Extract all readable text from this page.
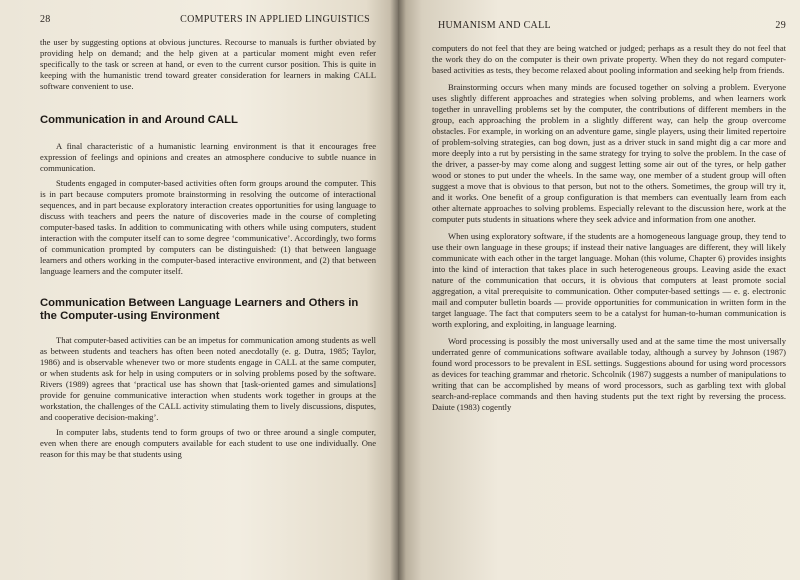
28	COMPUTERS IN APPLIED LINGUISTICS

the user by suggesting options at obvious junctures. Recourse to manuals is further obviated by providing help on demand; and the help given at a particular moment might even refer specifically to the task or screen at hand, or even to the current cursor position. This is quite in keeping with the humanistic trend toward greater consideration for learners in making CALL software convenient to use.

Communication in and Around CALL

A final characteristic of a humanistic learning environment is that it encourages free expression of feelings and opinions and creates an atmosphere conducive to subtle nuance in communication.

Students engaged in computer-based activities often form groups around the computer. This is in part because computers promote brainstorming in resolving the outcome of interactional sequences, and in part because exploratory interaction creates opportunities for using language to discuss with teachers and peers the nature of discoveries made in the course of completing computer-based tasks. In addition to communicating with others while using computers, student interaction with the computer itself can to some degree ‘communicative’. Accordingly, two forms of communication prompted by computers can be distinguished: (1) that between language learners and others working in the computer-based interactive environment, and (2) that between language learners and the computer itself.

Communication Between Language Learners and Others in the Computer-using Environment

That computer-based activities can be an impetus for communication among students as well as between students and teachers has often been noted anecdotally (e. g. Dutra, 1985; Taylor, 1986) and is observable whenever two or more students engage in CALL at the same computer, or when students ask for help in using computers or in solving problems posed by the software. Rivers (1989) agrees that ‘practical use has shown that [task-oriented games and simulations] provide for genuine communicative interaction when students work together in groups at the workstation, the challenges of the CALL activity stimulating them to lively discussions, disputes, and cooperative decision-making’.

In computer labs, students tend to form groups of two or three around a single computer, even when there are enough computers available for each student to use one individually. One reason for this may be that students using

HUMANISM AND CALL	29

computers do not feel that they are being watched or judged; perhaps as a result they do not feel that the work they do on the computer is their own private property. When they do not regard computer-based activities as tests, they become relaxed about pooling information and seeking help from friends.

Brainstorming occurs when many minds are focused together on solving a problem. Everyone uses slightly different approaches and strategies when solving problems, and when learners work together in unravelling problems set by the computer, the contributions of different members in the group, each approaching the problem in a slightly different way, can help the group overcome obstacles. For example, in working on an adventure game, single players, using their limited repertoire of problem-solving strategies, can bog down, just as a driver stuck in sand might dig a car more and more deeply into a rut by persisting in the same strategy for trying to solve the problem. In the case of the driver, a passer-by may come along and suggest letting some air out of the tyres, or help gather wood or stones to put under the wheels. In the same way, one member of a student group will often suggest a move that is obvious to that person, but not to the others. Sometimes, the group will try it, and it works. One benefit of a group configuration is that members can eventually learn from each other alternate approaches to solving problems. Especially relevant to the discussion here, work at the computer puts students in situations where they seek advice and information from one another.

When using exploratory software, if the students are a homogeneous language group, they tend to use their own language in these groups; if instead their native languages are different, they will likely communicate with each other in the target language. Mohan (this volume, Chapter 6) provides insights into the kind of interaction that takes place in such heterogeneous groups. Leaving aside the exact nature of the communication that occurs, it is obvious that computers at least promote social aggregation, a vital prerequisite to communication. Other computer-based settings — e. g. electronic mail and computer bulletin boards — provide opportunities for communication in written form in the target language. The fact that computers seem to be a catalyst for human-to-human communication is worth exploring, and exploiting, in language learning.

Word processing is possibly the most universally used and at the same time the most universally underrated genre of communications software available today, although a survey by Johnson (1987) found word processors to be prevalent in ESL settings. Suggestions abound for using word processors as devices for teaching grammar and rhetoric. Schcolnik (1987) suggests a number of manipulations to writing that can be accomplished by means of word processors, such as garbling text with global search-and-replace commands and then having students put the text right by reversing the process. Daiute (1983) cogently
